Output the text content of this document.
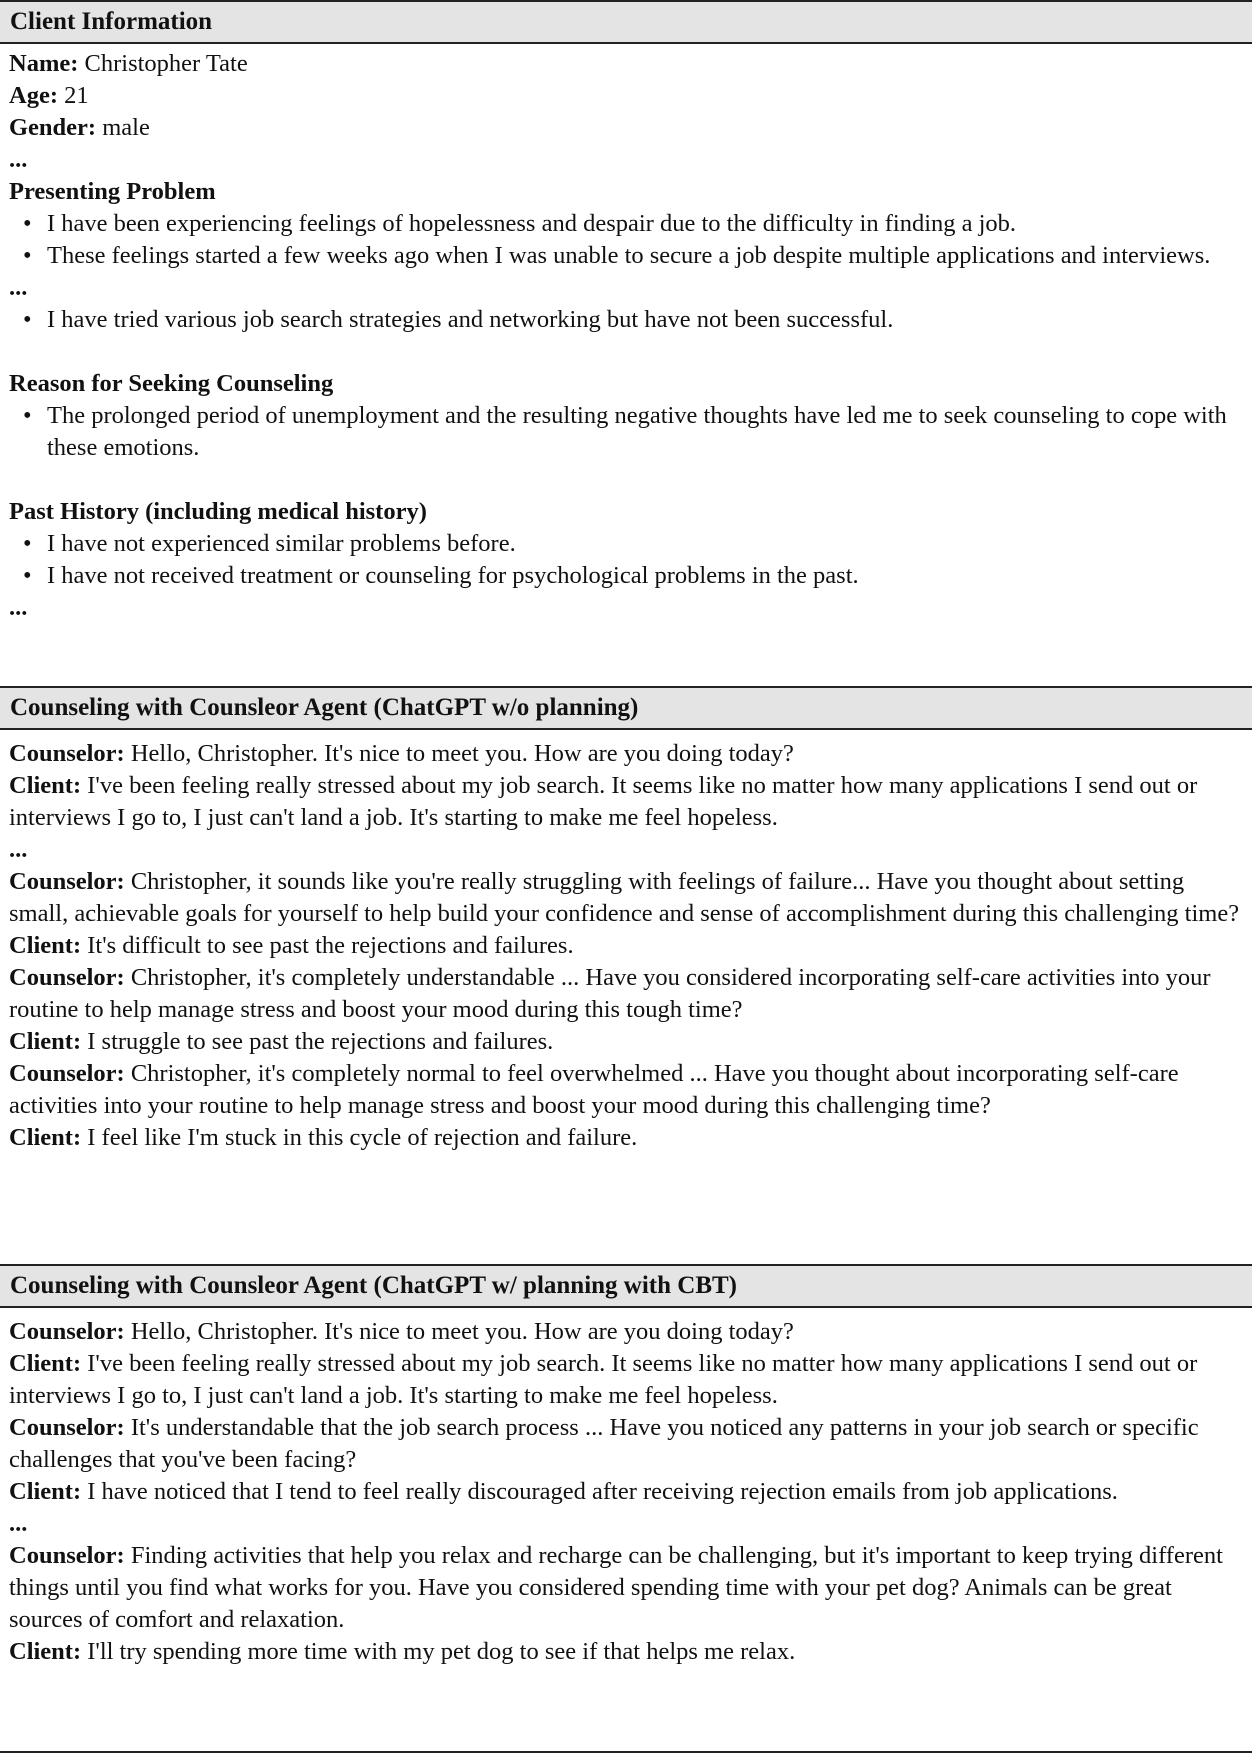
Client Information
Name: Christopher Tate
Age: 21
Gender: male
...
Presenting Problem
• I have been experiencing feelings of hopelessness and despair due to the difficulty in finding a job.
• These feelings started a few weeks ago when I was unable to secure a job despite multiple applications and interviews.
...
• I have tried various job search strategies and networking but have not been successful.
Reason for Seeking Counseling
• The prolonged period of unemployment and the resulting negative thoughts have led me to seek counseling to cope with these emotions.
Past History (including medical history)
• I have not experienced similar problems before.
• I have not received treatment or counseling for psychological problems in the past.
...
Counseling with Counsleor Agent (ChatGPT w/o planning)
Counselor: Hello, Christopher. It's nice to meet you. How are you doing today?
Client: I've been feeling really stressed about my job search. It seems like no matter how many applications I send out or interviews I go to, I just can't land a job. It's starting to make me feel hopeless.
...
Counselor: Christopher, it sounds like you're really struggling with feelings of failure... Have you thought about setting small, achievable goals for yourself to help build your confidence and sense of accomplishment during this challenging time?
Client: It's difficult to see past the rejections and failures.
Counselor: Christopher, it's completely understandable ... Have you considered incorporating self-care activities into your routine to help manage stress and boost your mood during this tough time?
Client: I struggle to see past the rejections and failures.
Counselor: Christopher, it's completely normal to feel overwhelmed ... Have you thought about incorporating self-care activities into your routine to help manage stress and boost your mood during this challenging time?
Client: I feel like I'm stuck in this cycle of rejection and failure.
Counseling with Counsleor Agent (ChatGPT w/ planning with CBT)
Counselor: Hello, Christopher. It's nice to meet you. How are you doing today?
Client: I've been feeling really stressed about my job search. It seems like no matter how many applications I send out or interviews I go to, I just can't land a job. It's starting to make me feel hopeless.
Counselor: It's understandable that the job search process ... Have you noticed any patterns in your job search or specific challenges that you've been facing?
Client: I have noticed that I tend to feel really discouraged after receiving rejection emails from job applications.
...
Counselor: Finding activities that help you relax and recharge can be challenging, but it's important to keep trying different things until you find what works for you. Have you considered spending time with your pet dog? Animals can be great sources of comfort and relaxation.
Client: I'll try spending more time with my pet dog to see if that helps me relax.
